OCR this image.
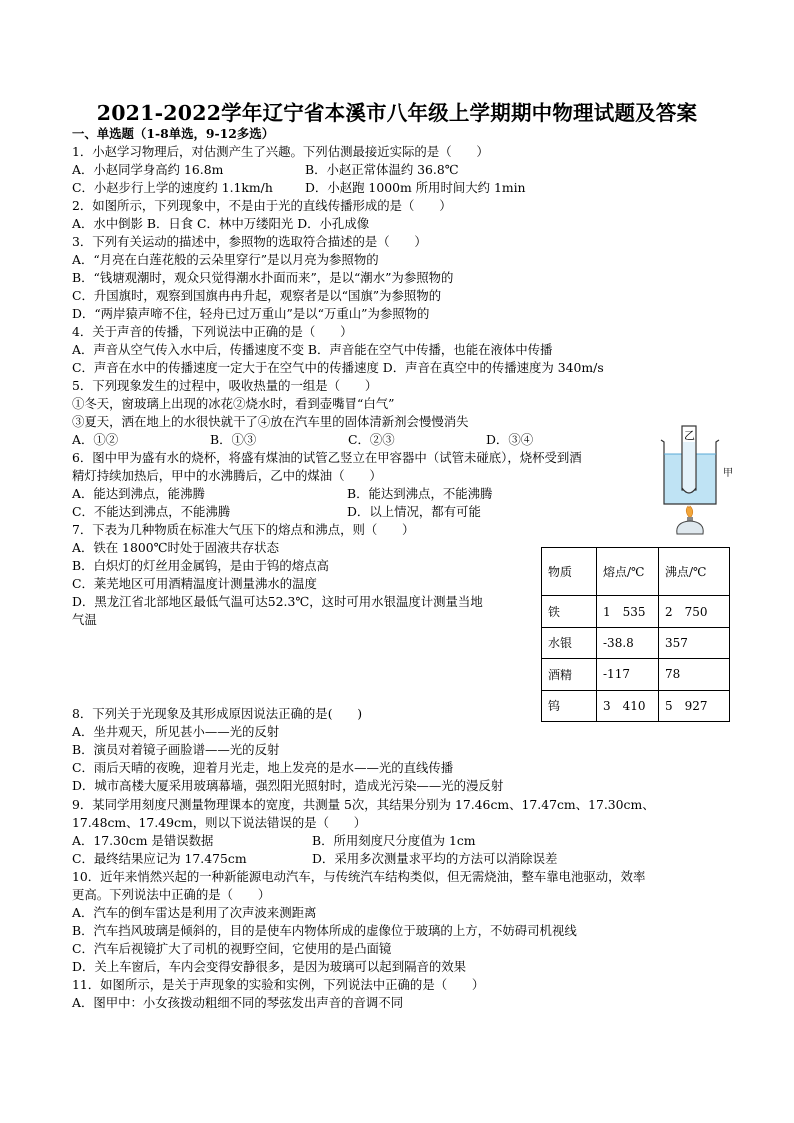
2021-2022学年辽宁省本溪市八年级上学期期中物理试题及答案
一、单选题（1-8单选，9-12多选）
1．小赵学习物理后，对估测产生了兴趣。下列估测最接近实际的是（　　）
A．小赵同学身高约 16.8m	B．小赵正常体温约 36.8℃
C．小赵步行上学的速度约 1.1km/h	D．小赵跑 1000m 所用时间大约 1min
2．如图所示，下列现象中，不是由于光的直线传播形成的是（　　）
A．水中倒影 B．日食 C．林中万缕阳光 D．小孔成像
3．下列有关运动的描述中，参照物的选取符合描述的是（　　）
A．“月亮在白莲花般的云朵里穿行”是以月亮为参照物的
B．“钱塘观潮时，观众只觉得潮水扑面而来”，是以“潮水”为参照物的
C．升国旗时，观察到国旗冉冉升起，观察者是以“国旗”为参照物的
D．“两岸猿声啼不住，轻舟已过万重山”是以“万重山”为参照物的
4．关于声音的传播，下列说法中正确的是（　　）
A．声音从空气传入水中后，传播速度不变 B．声音能在空气中传播，也能在液体中传播
C．声音在水中的传播速度一定大于在空气中的传播速度 D．声音在真空中的传播速度为 340m/s
5．下列现象发生的过程中，吸收热量的一组是（　　）
①冬天，窗玻璃上出现的冰花②烧水时，看到壶嘴冒“白气”
③夏天，洒在地上的水很快就干了④放在汽车里的固体清新剂会慢慢消失
A．①②	B．①③	C．②③	D．③④
6．图中甲为盛有水的烧杯，将盛有煤油的试管乙竖立在甲容器中（试管未碰底），烧杯受到酒
精灯持续加热后，甲中的水沸腾后，乙中的煤油（　　）
A．能达到沸点，能沸腾	B．能达到沸点，不能沸腾
C．不能达到沸点，不能沸腾	D．以上情况，都有可能
7．下表为几种物质在标准大气压下的熔点和沸点，则（　　）
A．铁在 1800℃时处于固液共存状态
B．白炽灯的灯丝用金属钨，是由于钨的熔点高
C．莱芜地区可用酒精温度计测量沸水的温度
D．黑龙江省北部地区最低气温可达52.3℃，这时可用水银温度计测量当地
气温
8．下列关于光现象及其形成原因说法正确的是(　　)
A．坐井观天，所见甚小——光的反射
B．演员对着镜子画脸谱——光的反射
C．雨后天晴的夜晚，迎着月光走，地上发亮的是水——光的直线传播
D．城市高楼大厦采用玻璃幕墙，强烈阳光照射时，造成光污染——光的漫反射
9．某同学用刻度尺测量物理课本的宽度，共测量 5次，其结果分别为 17.46cm、17.47cm、17.30cm、
17.48cm、17.49cm，则以下说法错误的是（　　）
A．17.30cm 是错误数据	B．所用刻度尺分度值为 1cm
C．最终结果应记为 17.475cm	D．采用多次测量求平均的方法可以消除误差
10．近年来悄然兴起的一种新能源电动汽车，与传统汽车结构类似，但无需烧油，整车靠电池驱动，效率
更高。下列说法中正确的是（　　）
A．汽车的倒车雷达是利用了次声波来测距离
B．汽车挡风玻璃是倾斜的，目的是使车内物体所成的虚像位于玻璃的上方，不妨碍司机视线
C．汽车后视镜扩大了司机的视野空间，它使用的是凸面镜
D．关上车窗后，车内会变得安静很多，是因为玻璃可以起到隔音的效果
11．如图所示，是关于声现象的实验和实例，下列说法中正确的是（　　）
A．图甲中：小女孩拨动粗细不同的琴弦发出声音的音调不同
物质	熔点/℃	沸点/℃
铁	1　535	2　750
水银	-38.8	357
酒精	-117	78
钨	3　410	5　927
乙
甲
